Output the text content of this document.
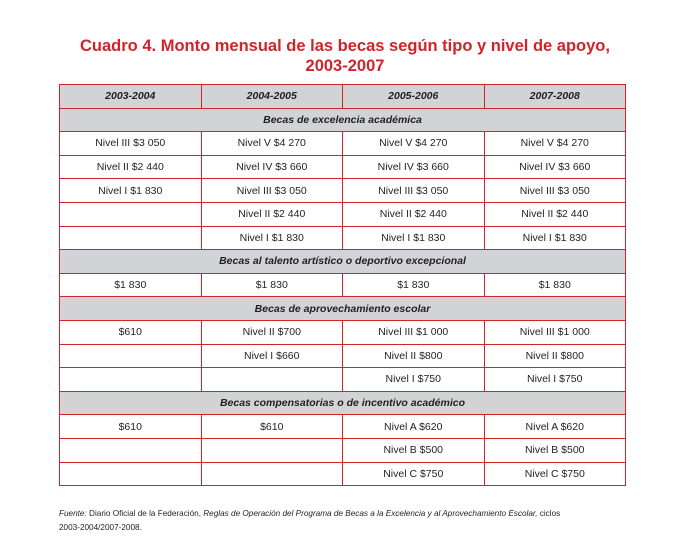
Cuadro 4. Monto mensual de las becas según tipo y nivel de apoyo,
2003-2007
2003-2004	2004-2005	2005-2006	2007-2008
Becas de excelencia académica			
Nivel III $3 050	Nivel V $4 270	Nivel V $4 270	Nivel V $4 270
Nivel II $2 440	Nivel IV $3 660	Nivel IV $3 660	Nivel IV $3 660
Nivel I $1 830	Nivel III $3 050	Nivel III $3 050	Nivel III $3 050
	Nivel II $2 440	Nivel II $2 440	Nivel II $2 440
	Nivel I $1 830	Nivel I $1 830	Nivel I $1 830
Becas al talento artístico o deportivo excepcional			
$1 830	$1 830	$1 830	$1 830
Becas de aprovechamiento escolar			
$610	Nivel II $700	Nivel III $1 000	Nivel III $1 000
	Nivel I $660	Nivel II $800	Nivel II $800
		Nivel I $750	Nivel I $750
Becas compensatorias o de incentivo académico			
$610	$610	Nivel A $620	Nivel A $620
		Nivel B $500	Nivel B $500
		Nivel C $750	Nivel C $750
Fuente: Diario Oficial de la Federación, Reglas de Operación del Programa de Becas a la Excelencia y al Aprovechamiento Escolar, ciclos
2003-2004/2007-2008.
